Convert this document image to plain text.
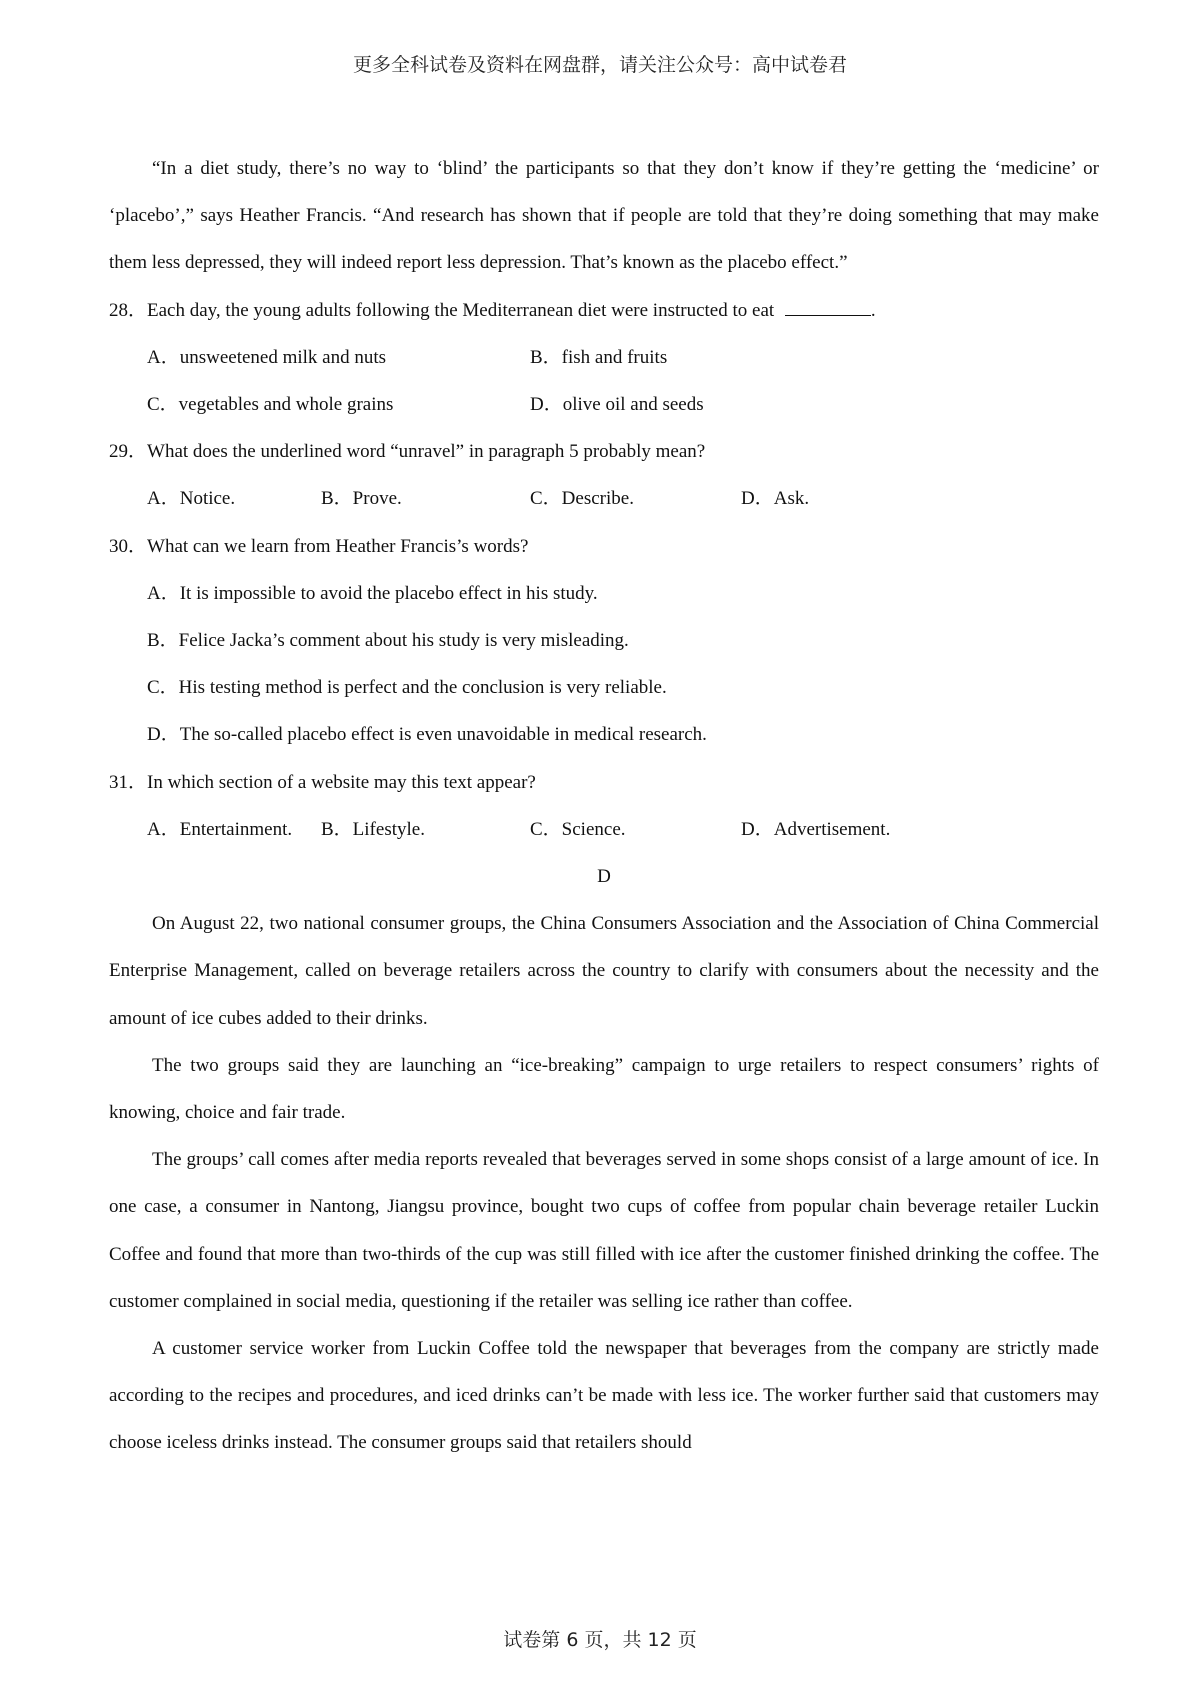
更多全科试卷及资料在网盘群，请关注公众号：高中试卷君

“In a diet study, there’s no way to ‘blind’ the participants so that they don’t know if they’re getting the ‘medicine’ or ‘placebo’,” says Heather Francis. “And research has shown that if people are told that they’re doing something that may make them less depressed, they will indeed report less depression. That’s known as the placebo effect.”

28．Each day, the young adults following the Mediterranean diet were instructed to eat	.
A．unsweetened milk and nuts	B．fish and fruits
C．vegetables and whole grains	D．olive oil and seeds
29．What does the underlined word “unravel” in paragraph 5 probably mean?
A．Notice.	B．Prove.	C．Describe.	D．Ask.
30．What can we learn from Heather Francis’s words?
A．It is impossible to avoid the placebo effect in his study.
B．Felice Jacka’s comment about his study is very misleading.
C．His testing method is perfect and the conclusion is very reliable.
D．The so-called placebo effect is even unavoidable in medical research.
31．In which section of a website may this text appear?
A．Entertainment. B．Lifestyle.	C．Science.	D．Advertisement.
D

On August 22, two national consumer groups, the China Consumers Association and the Association of China Commercial Enterprise Management, called on beverage retailers across the country to clarify with consumers about the necessity and the amount of ice cubes added to their drinks.

The two groups said they are launching an “ice-breaking” campaign to urge retailers to respect consumers’ rights of knowing, choice and fair trade.

The groups’ call comes after media reports revealed that beverages served in some shops consist of a large amount of ice. In one case, a consumer in Nantong, Jiangsu province, bought two cups of coffee from popular chain beverage retailer Luckin Coffee and found that more than two-thirds of the cup was still filled with ice after the customer finished drinking the coffee. The customer complained in social media, questioning if the retailer was selling ice rather than coffee.

A customer service worker from Luckin Coffee told the newspaper that beverages from the company are strictly made according to the recipes and procedures, and iced drinks can’t be made with less ice. The worker further said that customers may choose iceless drinks instead. The consumer groups said that retailers should

试卷第 6 页，共 12 页
